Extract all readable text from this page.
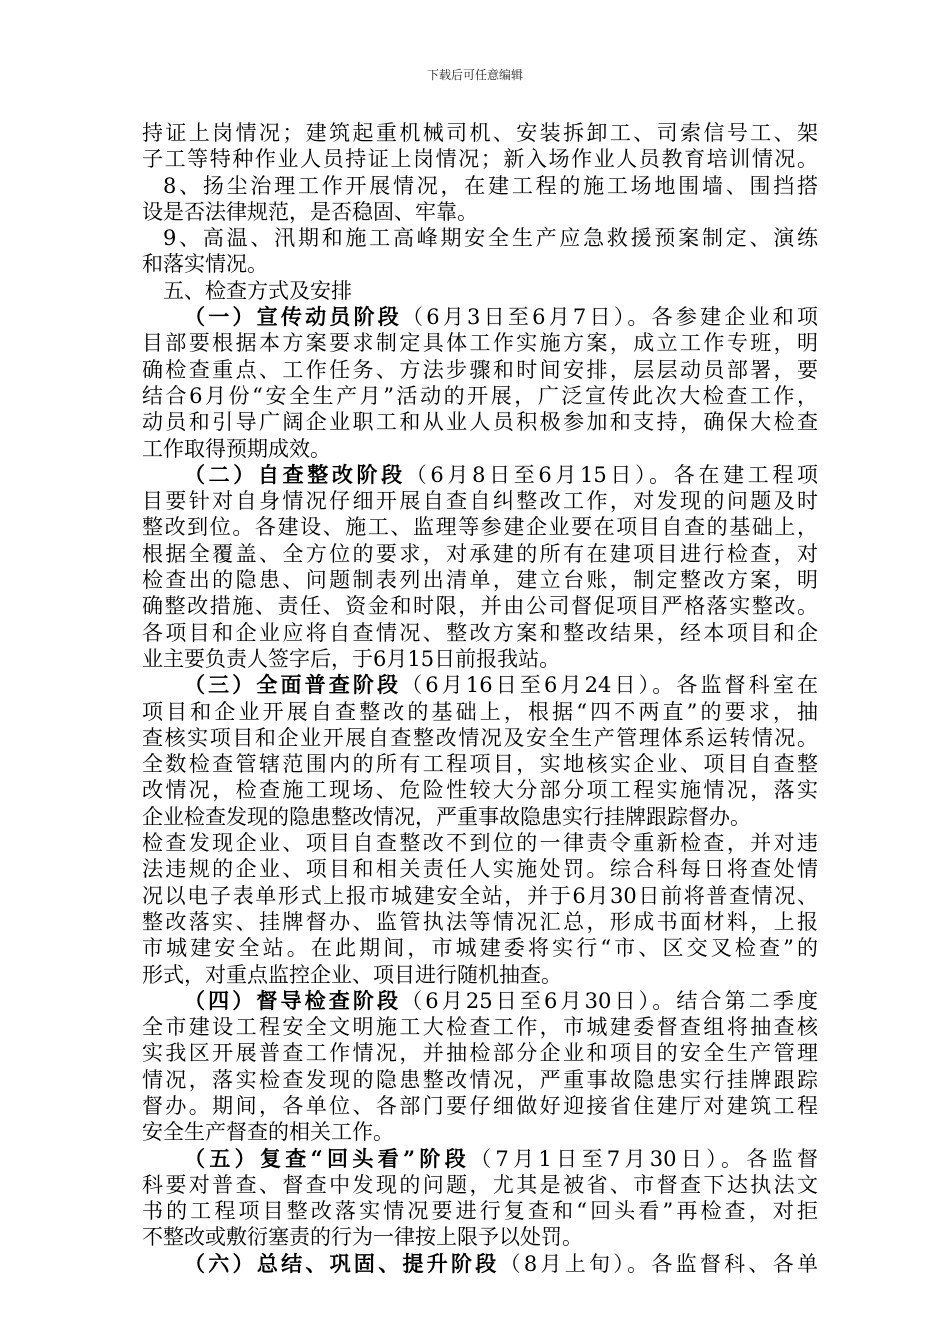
下载后可任意编辑
持证上岗情况；建筑起重机械司机、安装拆卸工、司索信号工、架
子工等特种作业人员持证上岗情况；新入场作业人员教育培训情况。
8、扬尘治理工作开展情况，在建工程的施工场地围墙、围挡搭
设是否法律规范，是否稳固、牢靠。
9、高温、汛期和施工高峰期安全生产应急救援预案制定、演练
和落实情况。
五、检查方式及安排
（一）宣传动员阶段（6月3日至6月7日）。各参建企业和项
目部要根据本方案要求制定具体工作实施方案，成立工作专班，明
确检查重点、工作任务、方法步骤和时间安排，层层动员部署，要
结合6月份“安全生产月”活动的开展，广泛宣传此次大检查工作，
动员和引导广阔企业职工和从业人员积极参加和支持，确保大检查
工作取得预期成效。
（二）自查整改阶段（6月8日至6月15日）。各在建工程项
目要针对自身情况仔细开展自查自纠整改工作，对发现的问题及时
整改到位。各建设、施工、监理等参建企业要在项目自查的基础上，
根据全覆盖、全方位的要求，对承建的所有在建项目进行检查，对
检查出的隐患、问题制表列出清单，建立台账，制定整改方案，明
确整改措施、责任、资金和时限，并由公司督促项目严格落实整改。
各项目和企业应将自查情况、整改方案和整改结果，经本项目和企
业主要负责人签字后，于6月15日前报我站。
（三）全面普查阶段（6月16日至6月24日）。各监督科室在
项目和企业开展自查整改的基础上，根据“四不两直”的要求，抽
查核实项目和企业开展自查整改情况及安全生产管理体系运转情况。
全数检查管辖范围内的所有工程项目，实地核实企业、项目自查整
改情况，检查施工现场、危险性较大分部分项工程实施情况，落实
企业检查发现的隐患整改情况，严重事故隐患实行挂牌跟踪督办。
检查发现企业、项目自查整改不到位的一律责令重新检查，并对违
法违规的企业、项目和相关责任人实施处罚。综合科每日将查处情
况以电子表单形式上报市城建安全站，并于6月30日前将普查情况、
整改落实、挂牌督办、监管执法等情况汇总，形成书面材料，上报
市城建安全站。在此期间，市城建委将实行“市、区交叉检查”的
形式，对重点监控企业、项目进行随机抽查。
（四）督导检查阶段（6月25日至6月30日）。结合第二季度
全市建设工程安全文明施工大检查工作，市城建委督查组将抽查核
实我区开展普查工作情况，并抽检部分企业和项目的安全生产管理
情况，落实检查发现的隐患整改情况，严重事故隐患实行挂牌跟踪
督办。期间，各单位、各部门要仔细做好迎接省住建厅对建筑工程
安全生产督查的相关工作。
（五）复查“回头看”阶段（7月1日至7月30日）。各监督
科要对普查、督查中发现的问题，尤其是被省、市督查下达执法文
书的工程项目整改落实情况要进行复查和“回头看”再检查，对拒
不整改或敷衍塞责的行为一律按上限予以处罚。
（六）总结、巩固、提升阶段（8月上旬）。各监督科、各单
